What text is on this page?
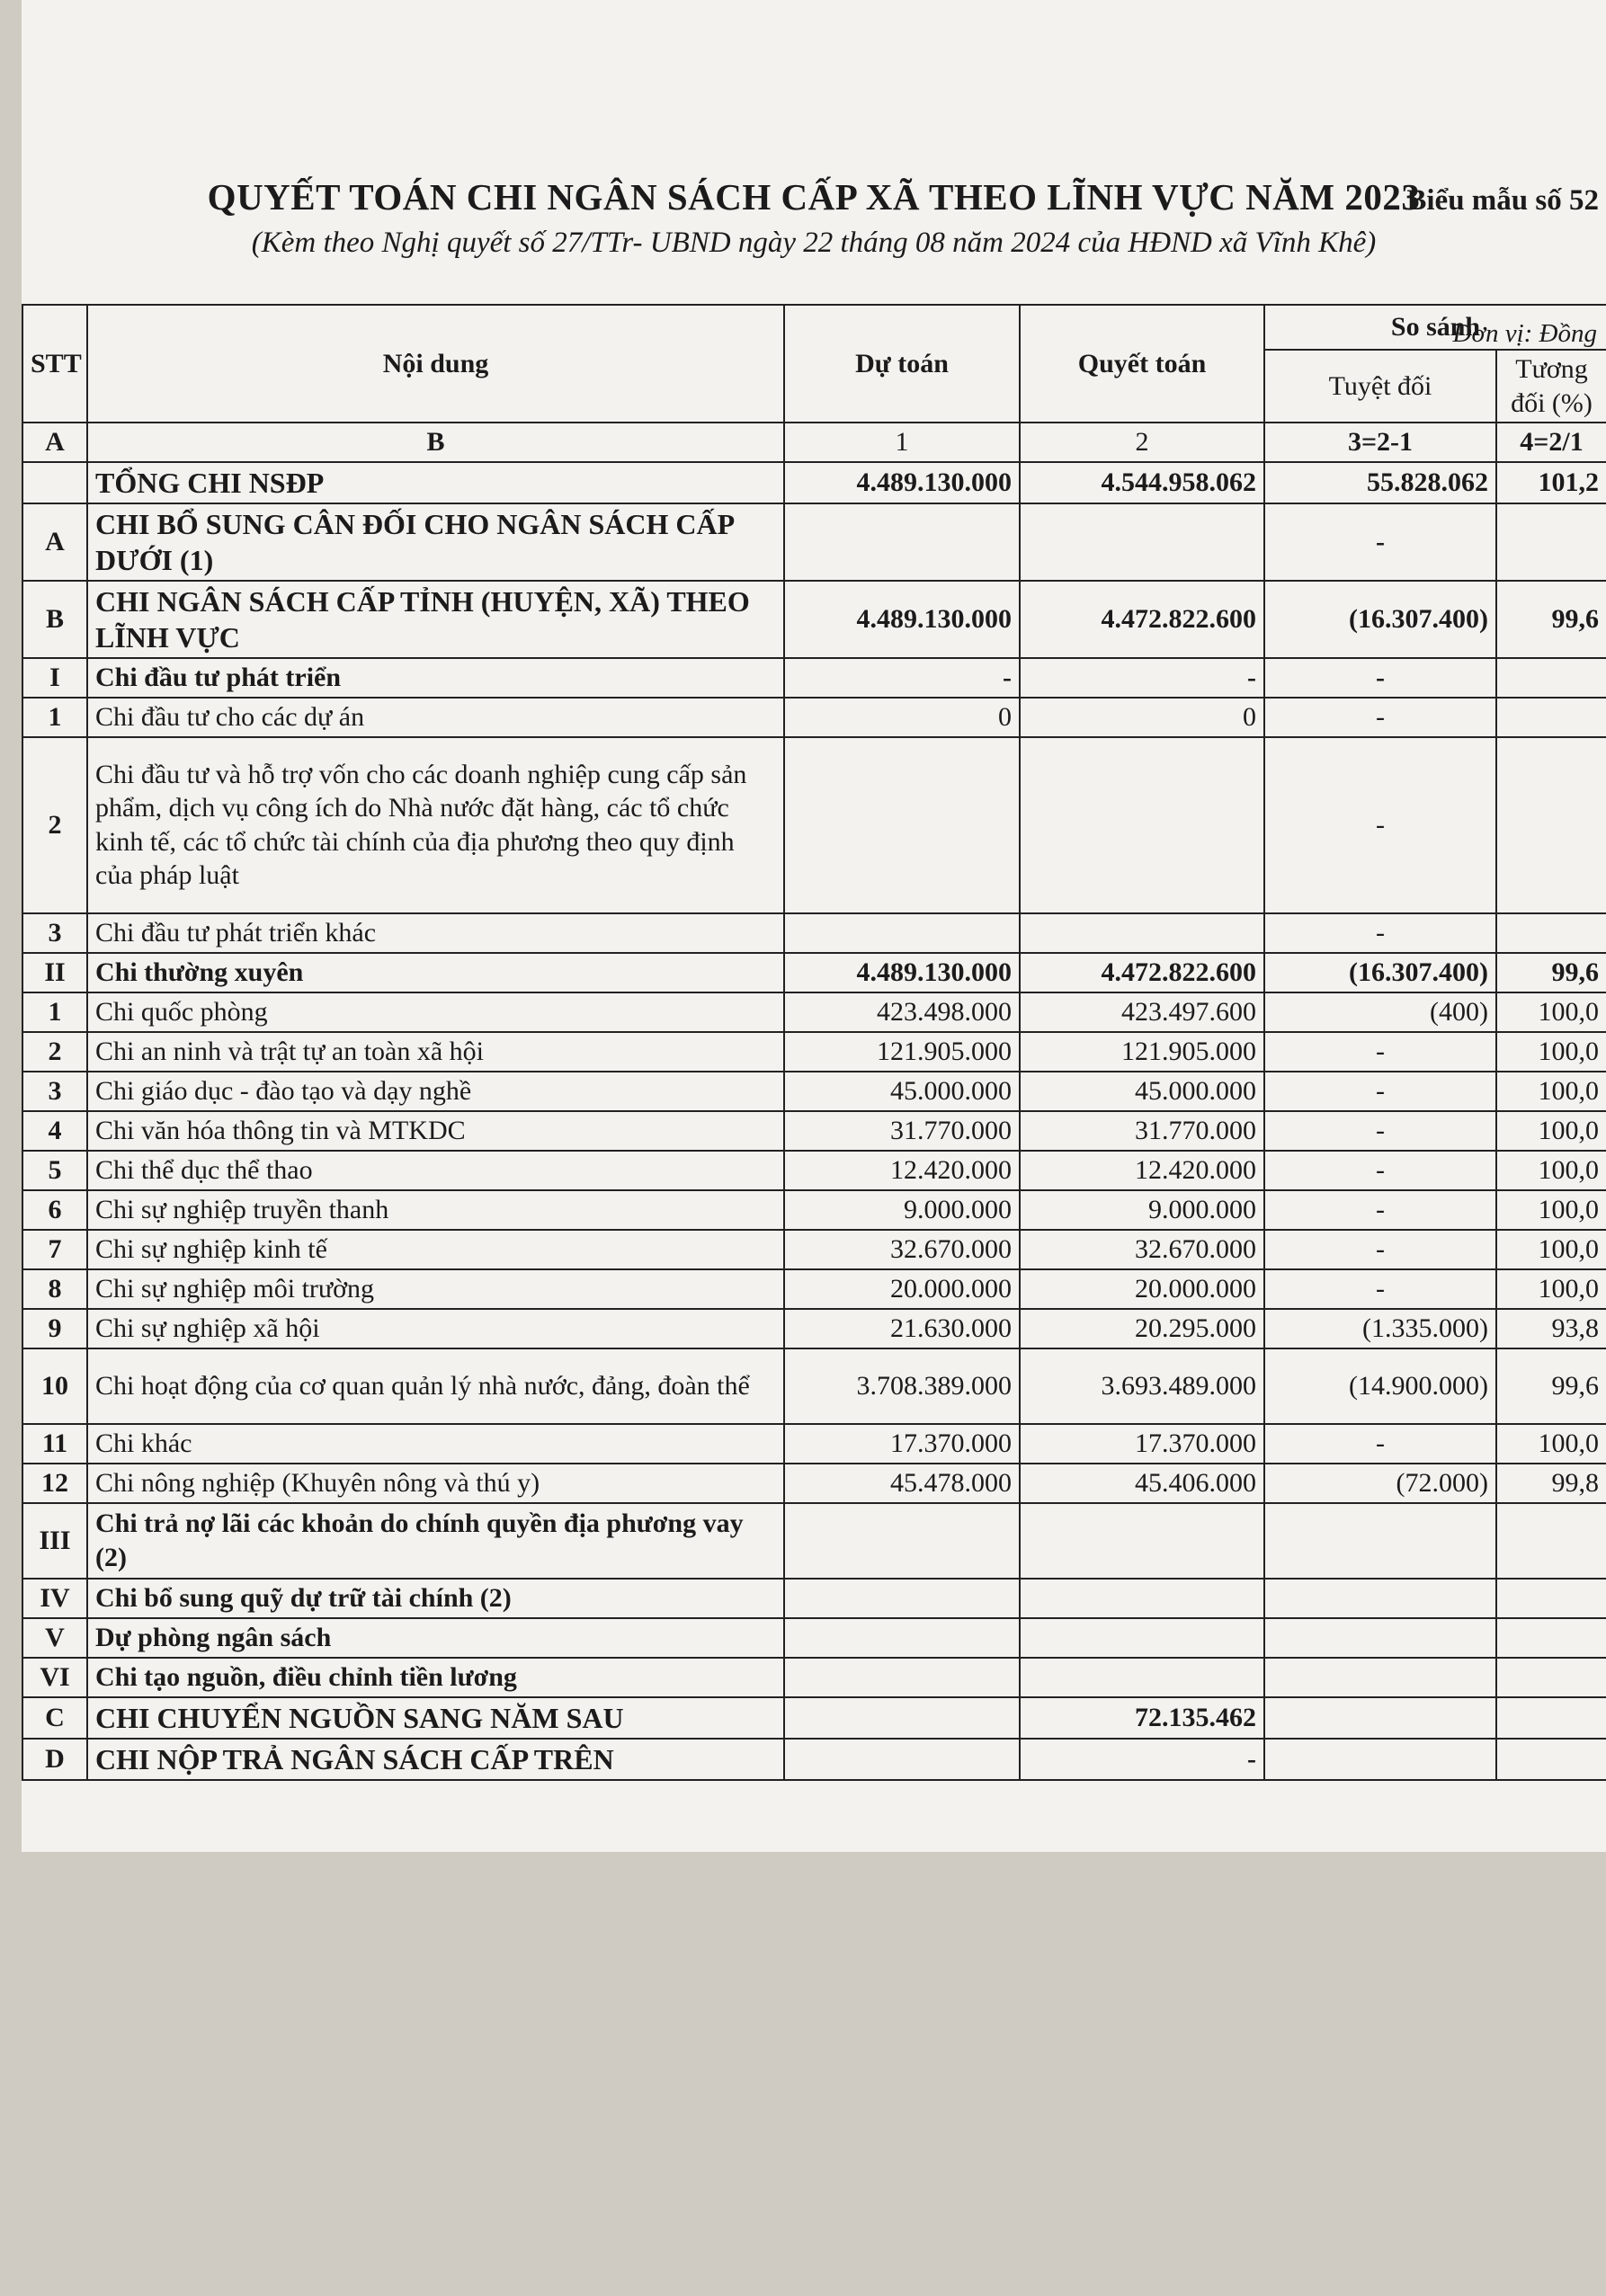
Biểu mẫu số 52
QUYẾT TOÁN CHI NGÂN SÁCH CẤP XÃ THEO LĨNH VỰC NĂM 2023
(Kèm theo Nghị quyết số 27/TTr- UBND ngày 22 tháng 08 năm 2024 của HĐND xã Vĩnh Khê)
Đơn vị: Đồng
STT	Nội dung	Dự toán	Quyết toán	So sánh	
				Tuyệt đối	Tương đối (%)
A	B	1	2	3=2-1	4=2/1
	TỔNG CHI NSĐP	4.489.130.000	4.544.958.062	55.828.062	101,2
A	CHI BỔ SUNG CÂN ĐỐI CHO NGÂN SÁCH CẤP DƯỚI (1)			-	
B	CHI NGÂN SÁCH CẤP TỈNH (HUYỆN, XÃ) THEO LĨNH VỰC	4.489.130.000	4.472.822.600	(16.307.400)	99,6
I	Chi đầu tư phát triển	-	-	-	
1	Chi đầu tư cho các dự án	0	0	-	
2	Chi đầu tư và hỗ trợ vốn cho các doanh nghiệp cung cấp sản phẩm, dịch vụ công ích do Nhà nước đặt hàng, các tổ chức kinh tế, các tổ chức tài chính của địa phương theo quy định của pháp luật			-	
3	Chi đầu tư phát triển khác			-	
II	Chi thường xuyên	4.489.130.000	4.472.822.600	(16.307.400)	99,6
1	Chi quốc phòng	423.498.000	423.497.600	(400)	100,0
2	Chi an ninh và trật tự an toàn xã hội	121.905.000	121.905.000	-	100,0
3	Chi giáo dục - đào tạo và dạy nghề	45.000.000	45.000.000	-	100,0
4	Chi văn hóa thông tin và MTKDC	31.770.000	31.770.000	-	100,0
5	Chi thể dục thể thao	12.420.000	12.420.000	-	100,0
6	Chi sự nghiệp truyền thanh	9.000.000	9.000.000	-	100,0
7	Chi sự nghiệp kinh tế	32.670.000	32.670.000	-	100,0
8	Chi sự nghiệp môi trường	20.000.000	20.000.000	-	100,0
9	Chi sự nghiệp xã hội	21.630.000	20.295.000	(1.335.000)	93,8
10	Chi hoạt động của cơ quan quản lý nhà nước, đảng, đoàn thể	3.708.389.000	3.693.489.000	(14.900.000)	99,6
11	Chi khác	17.370.000	17.370.000	-	100,0
12	Chi nông nghiệp (Khuyên nông và thú y)	45.478.000	45.406.000	(72.000)	99,8
III	Chi trả nợ lãi các khoản do chính quyền địa phương vay (2)				
IV	Chi bổ sung quỹ dự trữ tài chính (2)				
V	Dự phòng ngân sách				
VI	Chi tạo nguồn, điều chỉnh tiền lương				
C	CHI CHUYỂN NGUỒN SANG NĂM SAU		72.135.462		
D	CHI NỘP TRẢ NGÂN SÁCH CẤP TRÊN		-		
